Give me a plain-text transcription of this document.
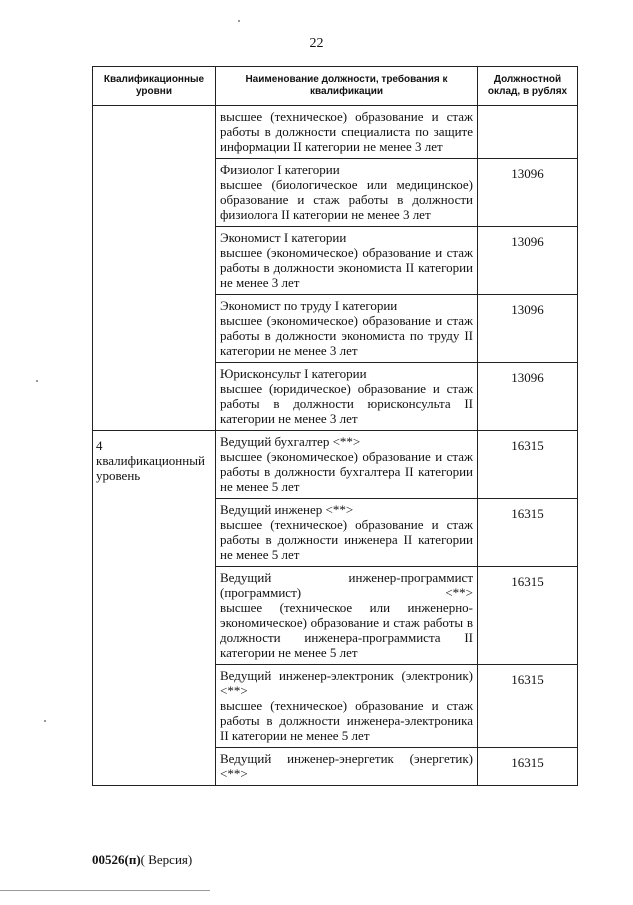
22
Квалификационные уровни	Наименование должности, требования к квалификации	Должностной оклад, в рублях

	высшее (техническое) образование и стаж работы в должности специалиста по защите информации II категории не менее 3 лет	

	Физиолог I категории
высшее (биологическое или медицинское) образование и стаж работы в должности физиолога II категории не менее 3 лет	13096

	Экономист I категории
высшее (экономическое) образование и стаж работы в должности экономиста II категории не менее 3 лет	13096

	Экономист по труду I категории
высшее (экономическое) образование и стаж работы в должности экономиста по труду II категории не менее 3 лет	13096

	Юрисконсульт I категории
высшее (юридическое) образование и стаж работы в должности юрисконсульта II категории не менее 3 лет	13096
4 квалификационный уровень	Ведущий бухгалтер <**>
высшее (экономическое) образование и стаж работы в должности бухгалтера II категории не менее 5 лет	16315

	Ведущий инженер <**>
высшее (техническое) образование и стаж работы в должности инженера II категории не менее 5 лет	16315

	Ведущий инженер-программист (программист) <**>
высшее (техническое или инженерно-экономическое) образование и стаж работы в должности инженера-программиста II категории не менее 5 лет	16315

	Ведущий инженер-электроник (электроник) <**>
высшее (техническое) образование и стаж работы в должности инженера-электроника II категории не менее 5 лет	16315

	Ведущий инженер-энергетик (энергетик) <**>	16315
00526(п)( Версия)
